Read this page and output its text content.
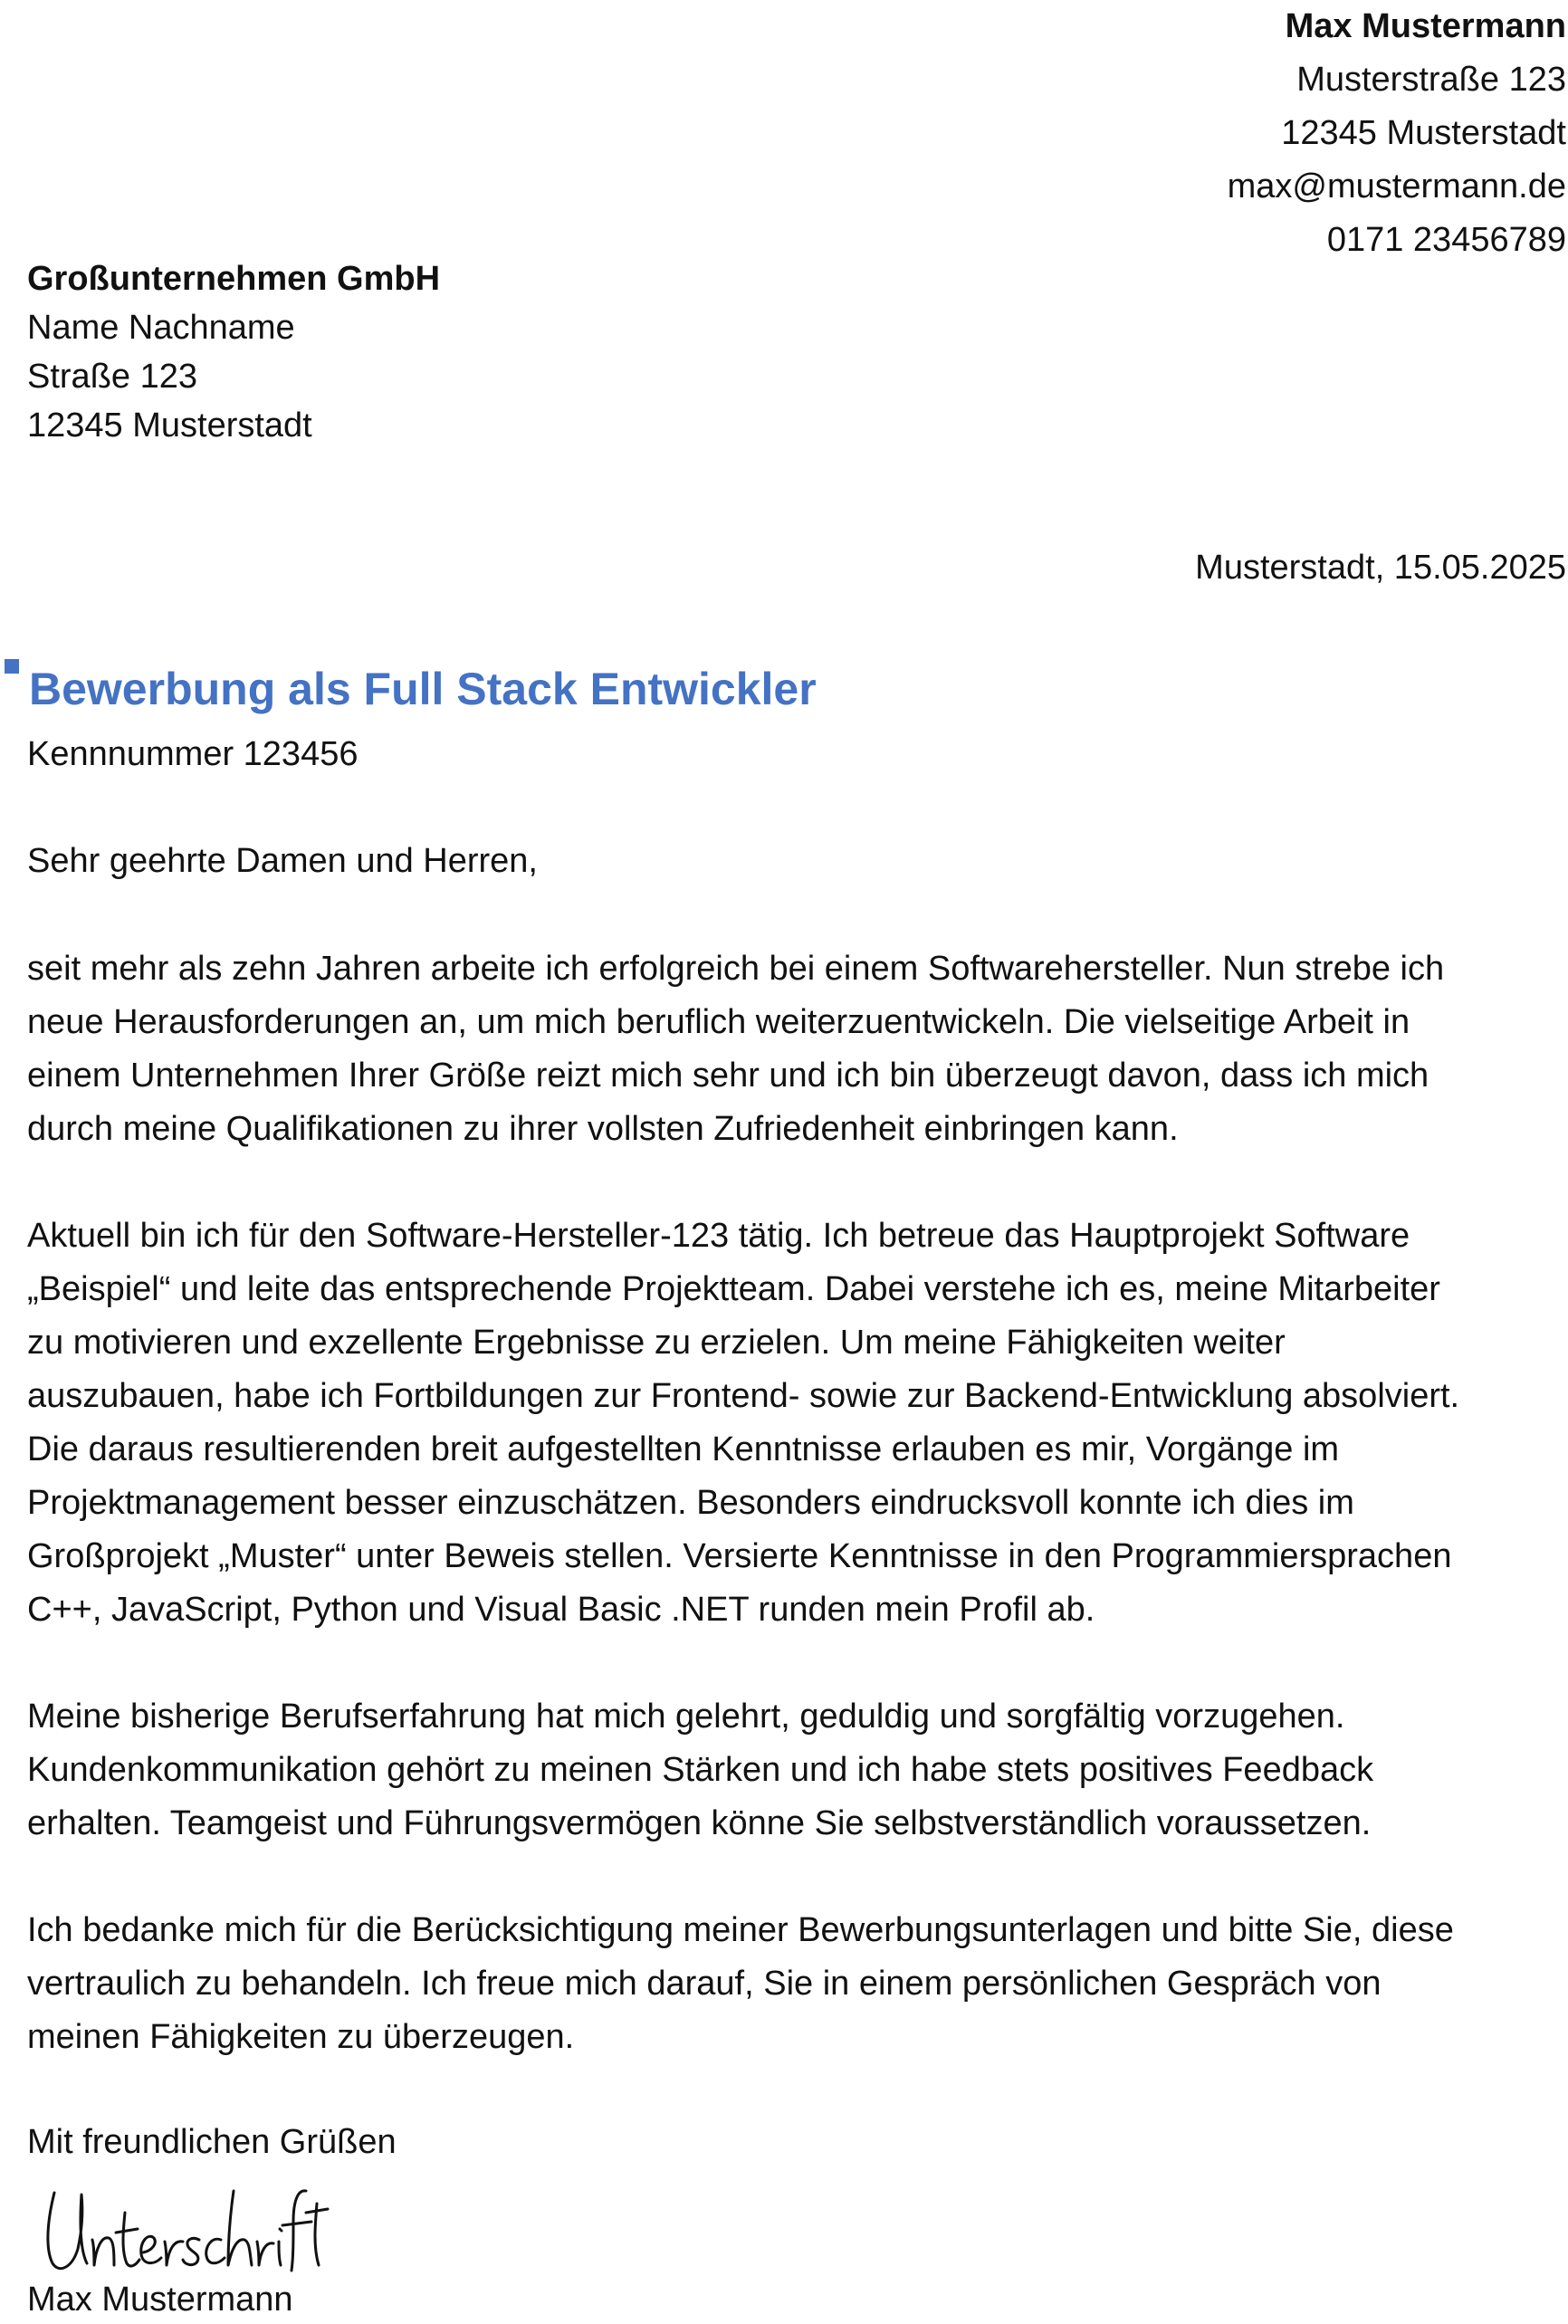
Max Mustermann
Musterstraße 123
12345 Musterstadt
max@mustermann.de
0171 23456789
Großunternehmen GmbH
Name Nachname
Straße 123
12345 Musterstadt
Musterstadt, 15.05.2025
Bewerbung als Full Stack Entwickler
Kennnummer 123456
Sehr geehrte Damen und Herren,
seit mehr als zehn Jahren arbeite ich erfolgreich bei einem Softwarehersteller. Nun strebe ich
neue Herausforderungen an, um mich beruflich weiterzuentwickeln. Die vielseitige Arbeit in
einem Unternehmen Ihrer Größe reizt mich sehr und ich bin überzeugt davon, dass ich mich
durch meine Qualifikationen zu ihrer vollsten Zufriedenheit einbringen kann.
Aktuell bin ich für den Software-Hersteller-123 tätig. Ich betreue das Hauptprojekt Software
„Beispiel“ und leite das entsprechende Projektteam. Dabei verstehe ich es, meine Mitarbeiter
zu motivieren und exzellente Ergebnisse zu erzielen. Um meine Fähigkeiten weiter
auszubauen, habe ich Fortbildungen zur Frontend- sowie zur Backend-Entwicklung absolviert.
Die daraus resultierenden breit aufgestellten Kenntnisse erlauben es mir, Vorgänge im
Projektmanagement besser einzuschätzen. Besonders eindrucksvoll konnte ich dies im
Großprojekt „Muster“ unter Beweis stellen. Versierte Kenntnisse in den Programmiersprachen
C++, JavaScript, Python und Visual Basic .NET runden mein Profil ab.
Meine bisherige Berufserfahrung hat mich gelehrt, geduldig und sorgfältig vorzugehen.
Kundenkommunikation gehört zu meinen Stärken und ich habe stets positives Feedback
erhalten. Teamgeist und Führungsvermögen könne Sie selbstverständlich voraussetzen.
Ich bedanke mich für die Berücksichtigung meiner Bewerbungsunterlagen und bitte Sie, diese
vertraulich zu behandeln. Ich freue mich darauf, Sie in einem persönlichen Gespräch von
meinen Fähigkeiten zu überzeugen.
Mit freundlichen Grüßen
Max Mustermann
